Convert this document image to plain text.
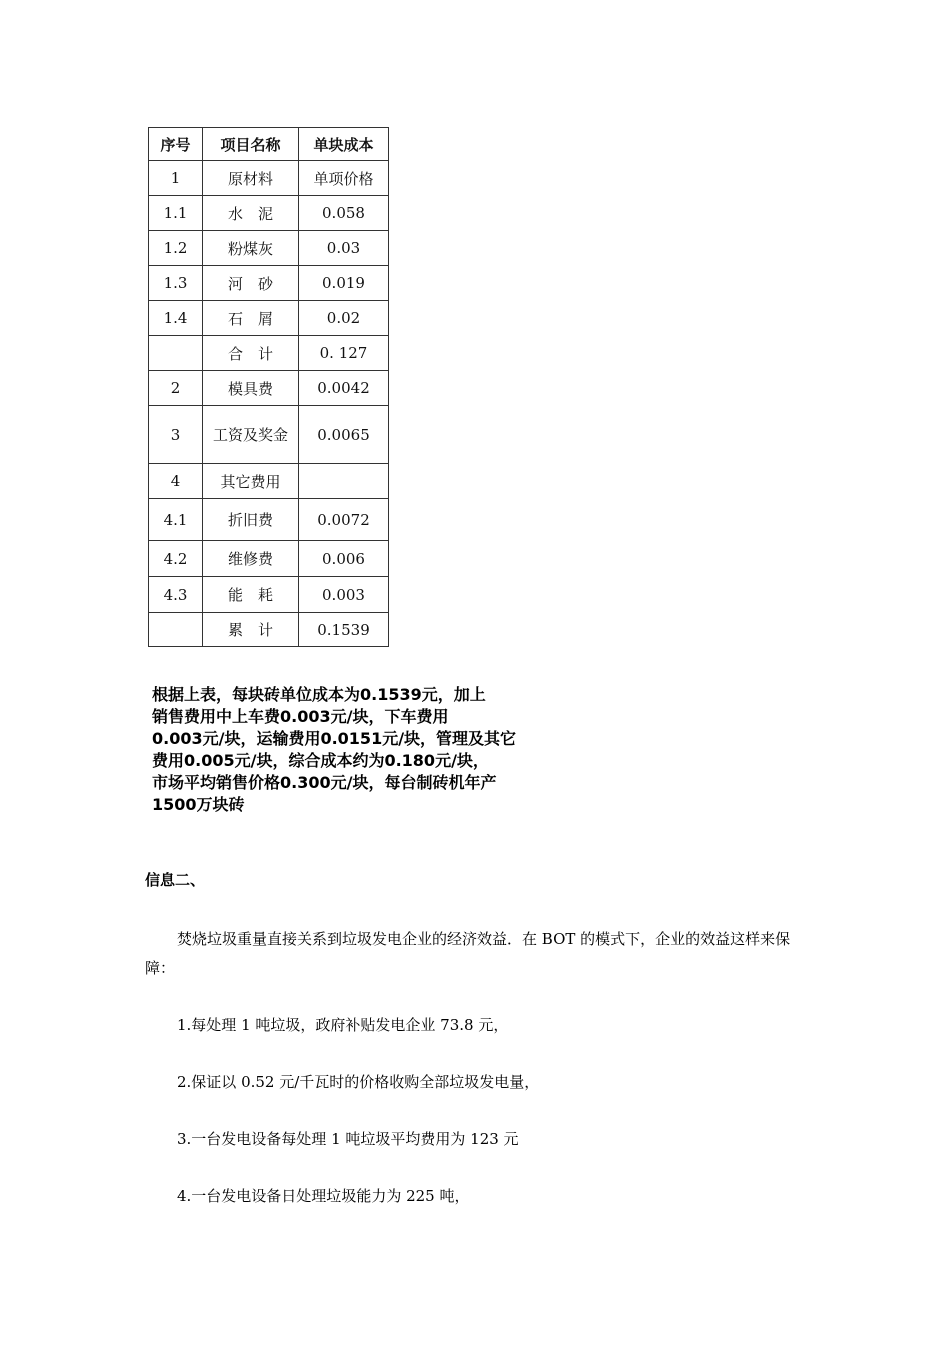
序号	项目名称	单块成本
1	原材料	单项价格
1.1	水　泥	0.058
1.2	粉煤灰	0.03
1.3	河　砂	0.019
1.4	石　屑	0.02
	合　计	0. 127
2	模具费	0.0042
3	工资及奖金	0.0065
4	其它费用	
4.1	折旧费	0.0072
4.2	维修费	0.006
4.3	能　耗	0.003
	累　计	0.1539
根据上表，每块砖单位成本为0.1539元，加上
销售费用中上车费0.003元/块，下车费用
0.003元/块，运输费用0.0151元/块，管理及其它
费用0.005元/块，综合成本约为0.180元/块，
市场平均销售价格0.300元/块，每台制砖机年产
1500万块砖

信息二、

焚烧垃圾重量直接关系到垃圾发电企业的经济效益．在 BOT 的模式下，企业的效益这样来保障：

1.每处理 1 吨垃圾，政府补贴发电企业 73.8 元，

2.保证以 0.52 元/千瓦时的价格收购全部垃圾发电量，

3.一台发电设备每处理 1 吨垃圾平均费用为 123 元

4.一台发电设备日处理垃圾能力为 225 吨，
